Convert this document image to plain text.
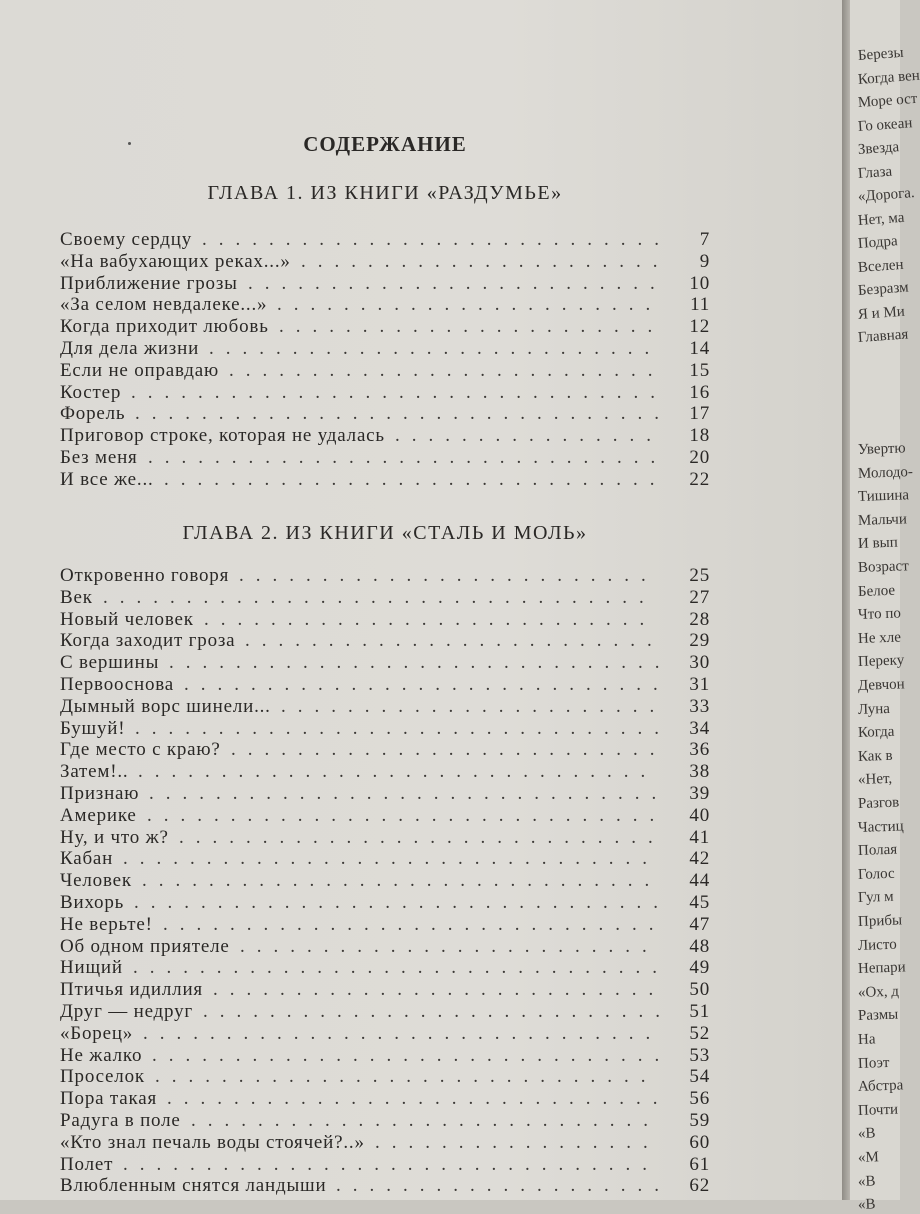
СОДЕРЖАНИЕ
ГЛАВА 1. ИЗ КНИГИ «РАЗДУМЬЕ»
Своему сердцу ............................ 7
«На вабухающих реках...» ...................... 9
Приближение грозы ......................... 10
«За селом невдалеке...» ....................... 11
Когда приходит любовь ....................... 12
Для дела жизни ........................... 14
Если не оправдаю .......................... 15
Костер ................................ 16
Форель ................................ 17
Приговор строке, которая не удалась ................ 18
Без меня ............................... 20
И все же... .............................. 22
ГЛАВА 2. ИЗ КНИГИ «СТАЛЬ И МОЛЬ»
Откровенно говоря ......................... 25
Век ................................. 27
Новый человек ........................... 28
Когда заходит гроза ......................... 29
С вершины .............................. 30
Первооснова ............................. 31
Дымный ворс шинели... ....................... 33
Бушуй! ................................ 34
Где место с краю? .......................... 36
Затем!.. ............................... 38
Признаю ............................... 39
Америке ............................... 40
Ну, и что ж? ............................. 41
Кабан ................................ 42
Человек ............................... 44
Вихорь ................................ 45
Не верьте! .............................. 47
Об одном приятеле ......................... 48
Нищий ................................ 49
Птичья идиллия ........................... 50
Друг — недруг ............................ 51
«Борец» ............................... 52
Не жалко ............................... 53
Проселок .............................. 54
Пора такая .............................. 56
Радуга в поле ............................ 59
«Кто знал печаль воды стоячей?..» ................. 60
Полет ................................ 61
Влюбленным снятся ландыши .................... 62
Березы
Когда вен
Море ост
Го океан
Звезда
Глаза
«Дорога.
Нет, ма
Подра
Вселен
Безразм
Я и Ми
Главная
Увертю
Молодо-
Тишина
Мальчи
И вып
Возраст
Белое
Что по
Не хле
Переку
Девчон
Луна
Когда
Как в
«Нет,
Разгов
Частиц
Полая
Голос
Гул м
Прибы
Листо
Непари
«Ох, д
Размы
На
Поэт
Абстра
Почти
«В
«М
«В
«В
